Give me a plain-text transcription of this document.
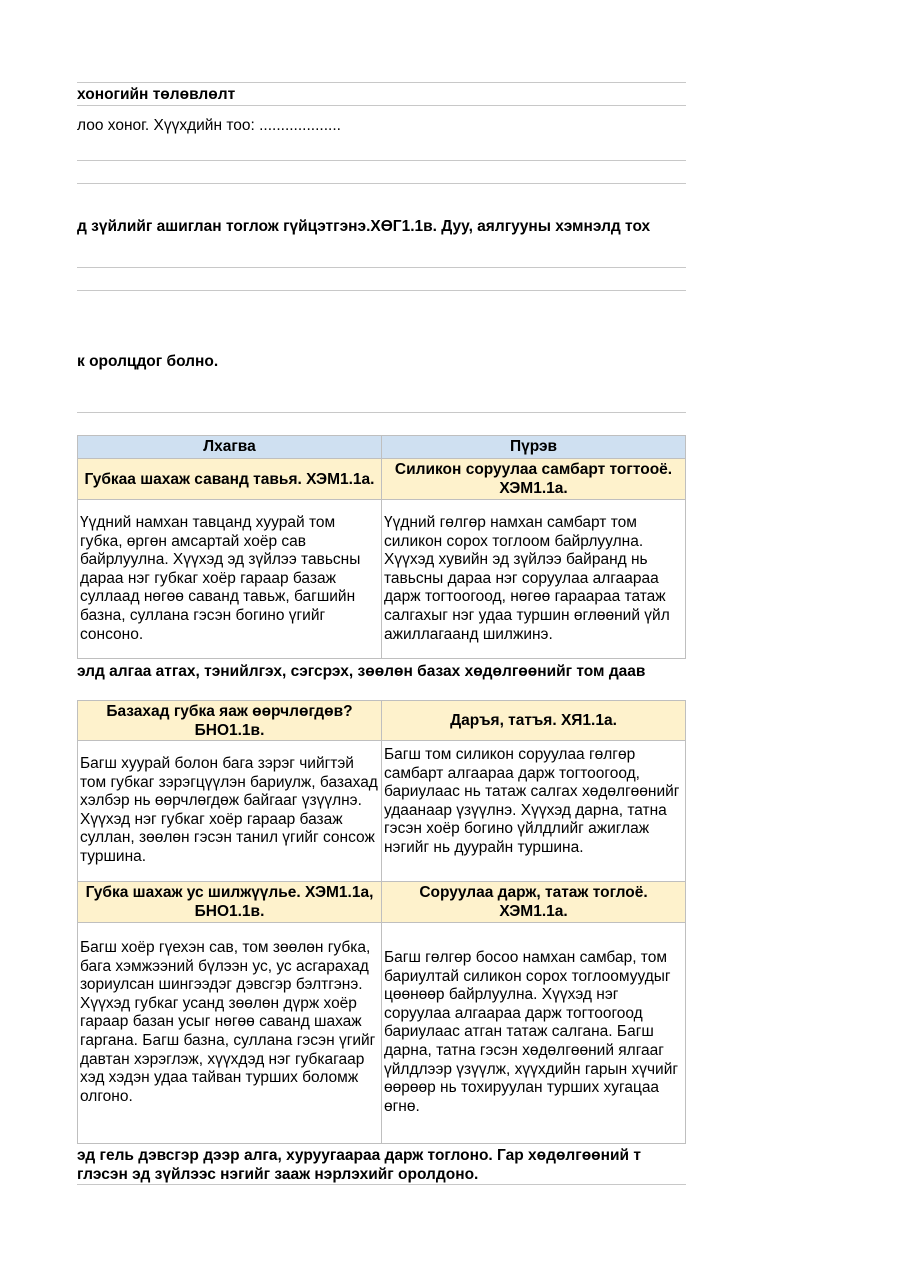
хоногийн төлөвлөлт
лоо хоног. Хүүхдийн тоо: ...................
д зүйлийг ашиглан тоглож гүйцэтгэнэ.ХӨГ1.1в. Дуу, аялгууны хэмнэлд тох
к оролцдог болно.
Лхагва	Пүрэв
Губкаа шахаж саванд тавья. ХЭМ1.1а.
Силикон соруулаа самбарт тогтооё. ХЭМ1.1а.
Үүдний намхан тавцанд хуурай том губка, өргөн амсартай хоёр сав байрлуулна. Хүүхэд эд зүйлээ тавьсны дараа нэг губкаг хоёр гараар базаж суллаад нөгөө саванд тавьж, багшийн базна, суллана гэсэн богино үгийг сонсоно.
Үүдний гөлгөр намхан самбарт том силикон сорох тоглоом байрлуулна. Хүүхэд хувийн эд зүйлээ байранд нь тавьсны дараа нэг соруулаа алгаараа дарж тогтоогоод, нөгөө гараараа татаж салгахыг нэг удаа туршин өглөөний үйл ажиллагаанд шилжинэ.
элд алгаа атгах, тэнийлгэх, сэгсрэх, зөөлөн базах хөдөлгөөнийг том даав
Базахад губка яаж өөрчлөгдөв? БНО1.1в.
Даръя, татъя. ХЯ1.1а.
Багш хуурай болон бага зэрэг чийгтэй том губкаг зэрэгцүүлэн бариулж, базахад хэлбэр нь өөрчлөгдөж байгааг үзүүлнэ. Хүүхэд нэг губкаг хоёр гараар базаж суллан, зөөлөн гэсэн танил үгийг сонсож туршина.
Багш том силикон соруулаа гөлгөр самбарт алгаараа дарж тогтоогоод, бариулаас нь татаж салгах хөдөлгөөнийг удаанаар үзүүлнэ. Хүүхэд дарна, татна гэсэн хоёр богино үйлдлийг ажиглаж нэгийг нь дуурайн туршина.
Губка шахаж ус шилжүүлье. ХЭМ1.1а, БНО1.1в.
Соруулаа дарж, татаж тоглоё. ХЭМ1.1а.
Багш хоёр гүехэн сав, том зөөлөн губка, бага хэмжээний бүлээн ус, ус асгарахад зориулсан шингээдэг дэвсгэр бэлтгэнэ. Хүүхэд губкаг усанд зөөлөн дүрж хоёр гараар базан усыг нөгөө саванд шахаж гаргана. Багш базна, суллана гэсэн үгийг давтан хэрэглэж, хүүхдэд нэг губкагаар хэд хэдэн удаа тайван турших боломж олгоно.
Багш гөлгөр босоо намхан самбар, том бариултай силикон сорох тоглоомуудыг цөөнөөр байрлуулна. Хүүхэд нэг соруулаа алгаараа дарж тогтоогоод бариулаас атган татаж салгана. Багш дарна, татна гэсэн хөдөлгөөний ялгааг үйлдлээр үзүүлж, хүүхдийн гарын хүчийг өөрөөр нь тохируулан турших хугацаа өгнө.
эд гель дэвсгэр дээр алга, хуруугаараа дарж тоглоно. Гар хөдөлгөөний т
глэсэн эд зүйлээс нэгийг зааж нэрлэхийг оролдоно.
